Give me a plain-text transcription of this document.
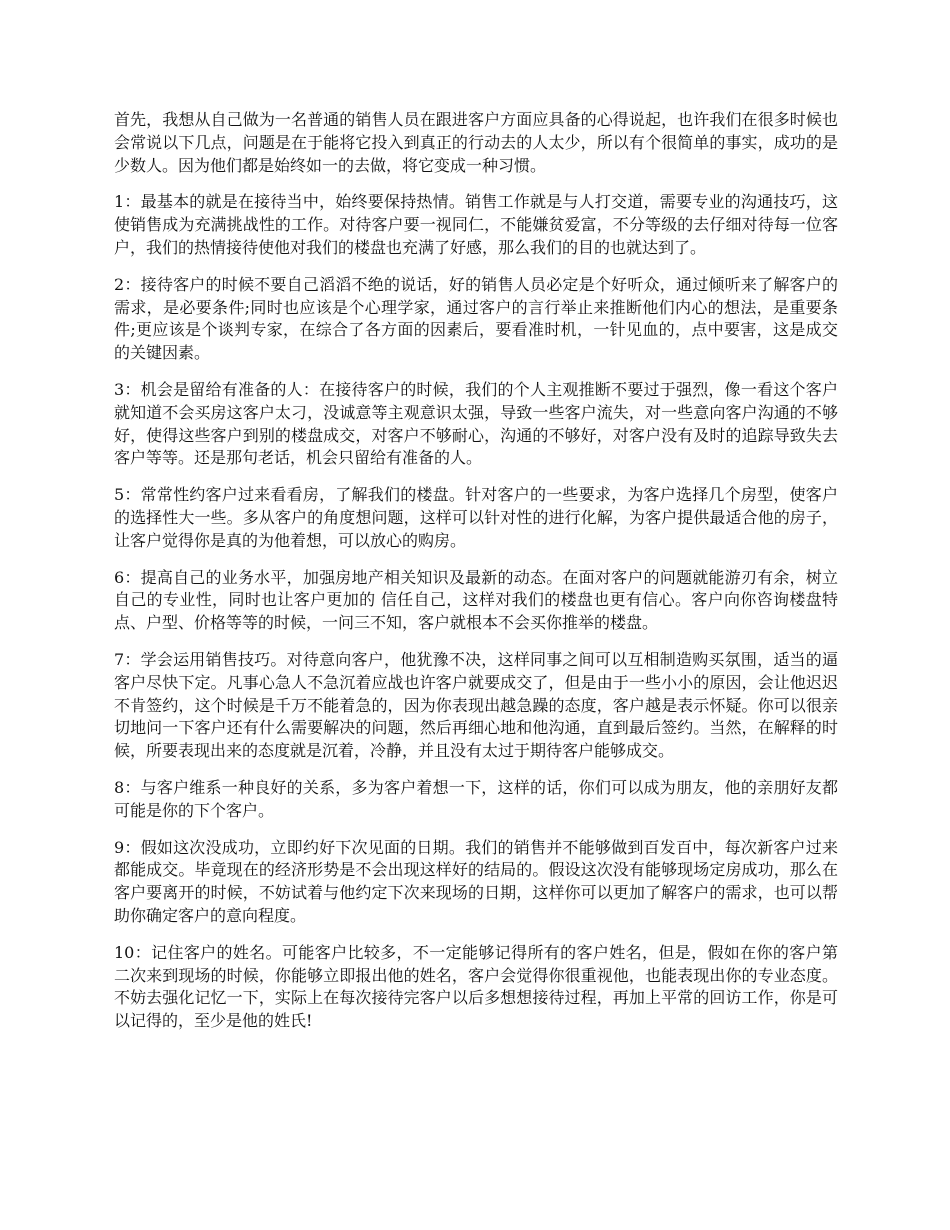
首先，我想从自己做为一名普通的销售人员在跟进客户方面应具备的心得说起，也许我们在很多时候也会常说以下几点，问题是在于能将它投入到真正的行动去的人太少，所以有个很简单的事实，成功的是少数人。因为他们都是始终如一的去做，将它变成一种习惯。

1：最基本的就是在接待当中，始终要保持热情。销售工作就是与人打交道，需要专业的沟通技巧，这使销售成为充满挑战性的工作。对待客户要一视同仁，不能嫌贫爱富，不分等级的去仔细对待每一位客户，我们的热情接待使他对我们的楼盘也充满了好感，那么我们的目的也就达到了。

2：接待客户的时候不要自己滔滔不绝的说话，好的销售人员必定是个好听众，通过倾听来了解客户的需求，是必要条件;同时也应该是个心理学家，通过客户的言行举止来推断他们内心的想法，是重要条件;更应该是个谈判专家，在综合了各方面的因素后，要看准时机，一针见血的，点中要害，这是成交的关键因素。

3：机会是留给有准备的人：在接待客户的时候，我们的个人主观推断不要过于强烈，像一看这个客户就知道不会买房这客户太刁，没诚意等主观意识太强，导致一些客户流失，对一些意向客户沟通的不够好，使得这些客户到别的楼盘成交，对客户不够耐心，沟通的不够好，对客户没有及时的追踪导致失去客户等等。还是那句老话，机会只留给有准备的人。

5：常常性约客户过来看看房，了解我们的楼盘。针对客户的一些要求，为客户选择几个房型，使客户的选择性大一些。多从客户的角度想问题，这样可以针对性的进行化解，为客户提供最适合他的房子，让客户觉得你是真的为他着想，可以放心的购房。

6：提高自己的业务水平，加强房地产相关知识及最新的动态。在面对客户的问题就能游刃有余，树立自己的专业性，同时也让客户更加的 信任自己，这样对我们的楼盘也更有信心。客户向你咨询楼盘特点、户型、价格等等的时候，一问三不知，客户就根本不会买你推举的楼盘。

7：学会运用销售技巧。对待意向客户，他犹豫不决，这样同事之间可以互相制造购买氛围，适当的逼客户尽快下定。凡事心急人不急沉着应战也许客户就要成交了，但是由于一些小小的原因，会让他迟迟不肯签约，这个时候是千万不能着急的，因为你表现出越急躁的态度，客户越是表示怀疑。你可以很亲切地问一下客户还有什么需要解决的问题，然后再细心地和他沟通，直到最后签约。当然，在解释的时候，所要表现出来的态度就是沉着，冷静，并且没有太过于期待客户能够成交。

8：与客户维系一种良好的关系，多为客户着想一下，这样的话，你们可以成为朋友，他的亲朋好友都可能是你的下个客户。

9：假如这次没成功，立即约好下次见面的日期。我们的销售并不能够做到百发百中，每次新客户过来都能成交。毕竟现在的经济形势是不会出现这样好的结局的。假设这次没有能够现场定房成功，那么在客户要离开的时候，不妨试着与他约定下次来现场的日期，这样你可以更加了解客户的需求，也可以帮助你确定客户的意向程度。

10：记住客户的姓名。可能客户比较多，不一定能够记得所有的客户姓名，但是，假如在你的客户第二次来到现场的时候，你能够立即报出他的姓名，客户会觉得你很重视他，也能表现出你的专业态度。不妨去强化记忆一下，实际上在每次接待完客户以后多想想接待过程，再加上平常的回访工作，你是可以记得的，至少是他的姓氏!
